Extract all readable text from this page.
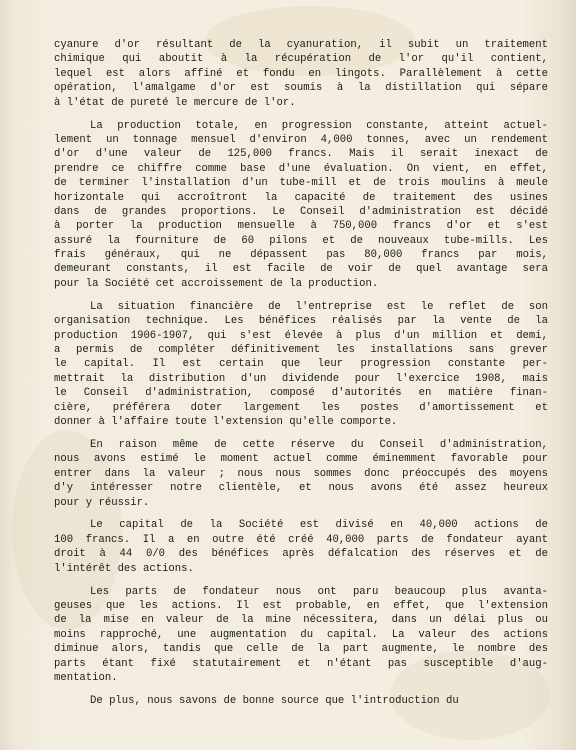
cyanure d'or résultant de la cyanuration, il subit un traitement
chimique qui aboutit à la récupération de l'or qu'il contient,
lequel est alors affiné et fondu en lingots. Parallèlement à cette
opération, l'amalgame d'or est soumis à la distillation qui sépare
à l'état de pureté le mercure de l'or.
La production totale, en progression constante, atteint actuel-
lement un tonnage mensuel d'environ 4,000 tonnes, avec un rendement
d'or d'une valeur de 125,000 francs. Mais il serait inexact de
prendre ce chiffre comme base d'une évaluation. On vient, en effet,
de terminer l'installation d'un tube-mill et de trois moulins à meule
horizontale qui accroîtront la capacité de traitement des usines
dans de grandes proportions. Le Conseil d'administration est décidé
à porter la production mensuelle à 750,000 francs d'or et s'est
assuré la fourniture de 60 pilons et de nouveaux tube-mills. Les
frais généraux, qui ne dépassent pas 80,000 francs par mois,
demeurant constants, il est facile de voir de quel avantage sera
pour la Société cet accroissement de la production.
La situation financière de l'entreprise est le reflet de son
organisation technique. Les bénéfices réalisés par la vente de la
production 1906-1907, qui s'est élevée à plus d'un million et demi,
a permis de compléter définitivement les installations sans grever
le capital. Il est certain que leur progression constante per-
mettrait la distribution d'un dividende pour l'exercice 1908, mais
le Conseil d'administration, composé d'autorités en matière finan-
cière, préférera doter largement les postes d'amortissement et
donner à l'affaire toute l'extension qu'elle comporte.
En raison même de cette réserve du Conseil d'administration,
nous avons estimé le moment actuel comme éminemment favorable pour
entrer dans la valeur ; nous nous sommes donc préoccupés des moyens
d'y intéresser notre clientèle, et nous avons été assez heureux
pour y réussir.
Le capital de la Société est divisé en 40,000 actions de
100 francs. Il a en outre été créé 40,000 parts de fondateur ayant
droit à 44 0/0 des bénéfices après défalcation des réserves et de
l'intérêt des actions.
Les parts de fondateur nous ont paru beaucoup plus avanta-
geuses que les actions. Il est probable, en effet, que l'extension
de la mise en valeur de la mine nécessitera, dans un délai plus ou
moins rapproché, une augmentation du capital. La valeur des actions
diminue alors, tandis que celle de la part augmente, le nombre des
parts étant fixé statutairement et n'étant pas susceptible d'aug-
mentation.
De plus, nous savons de bonne source que l'introduction du
